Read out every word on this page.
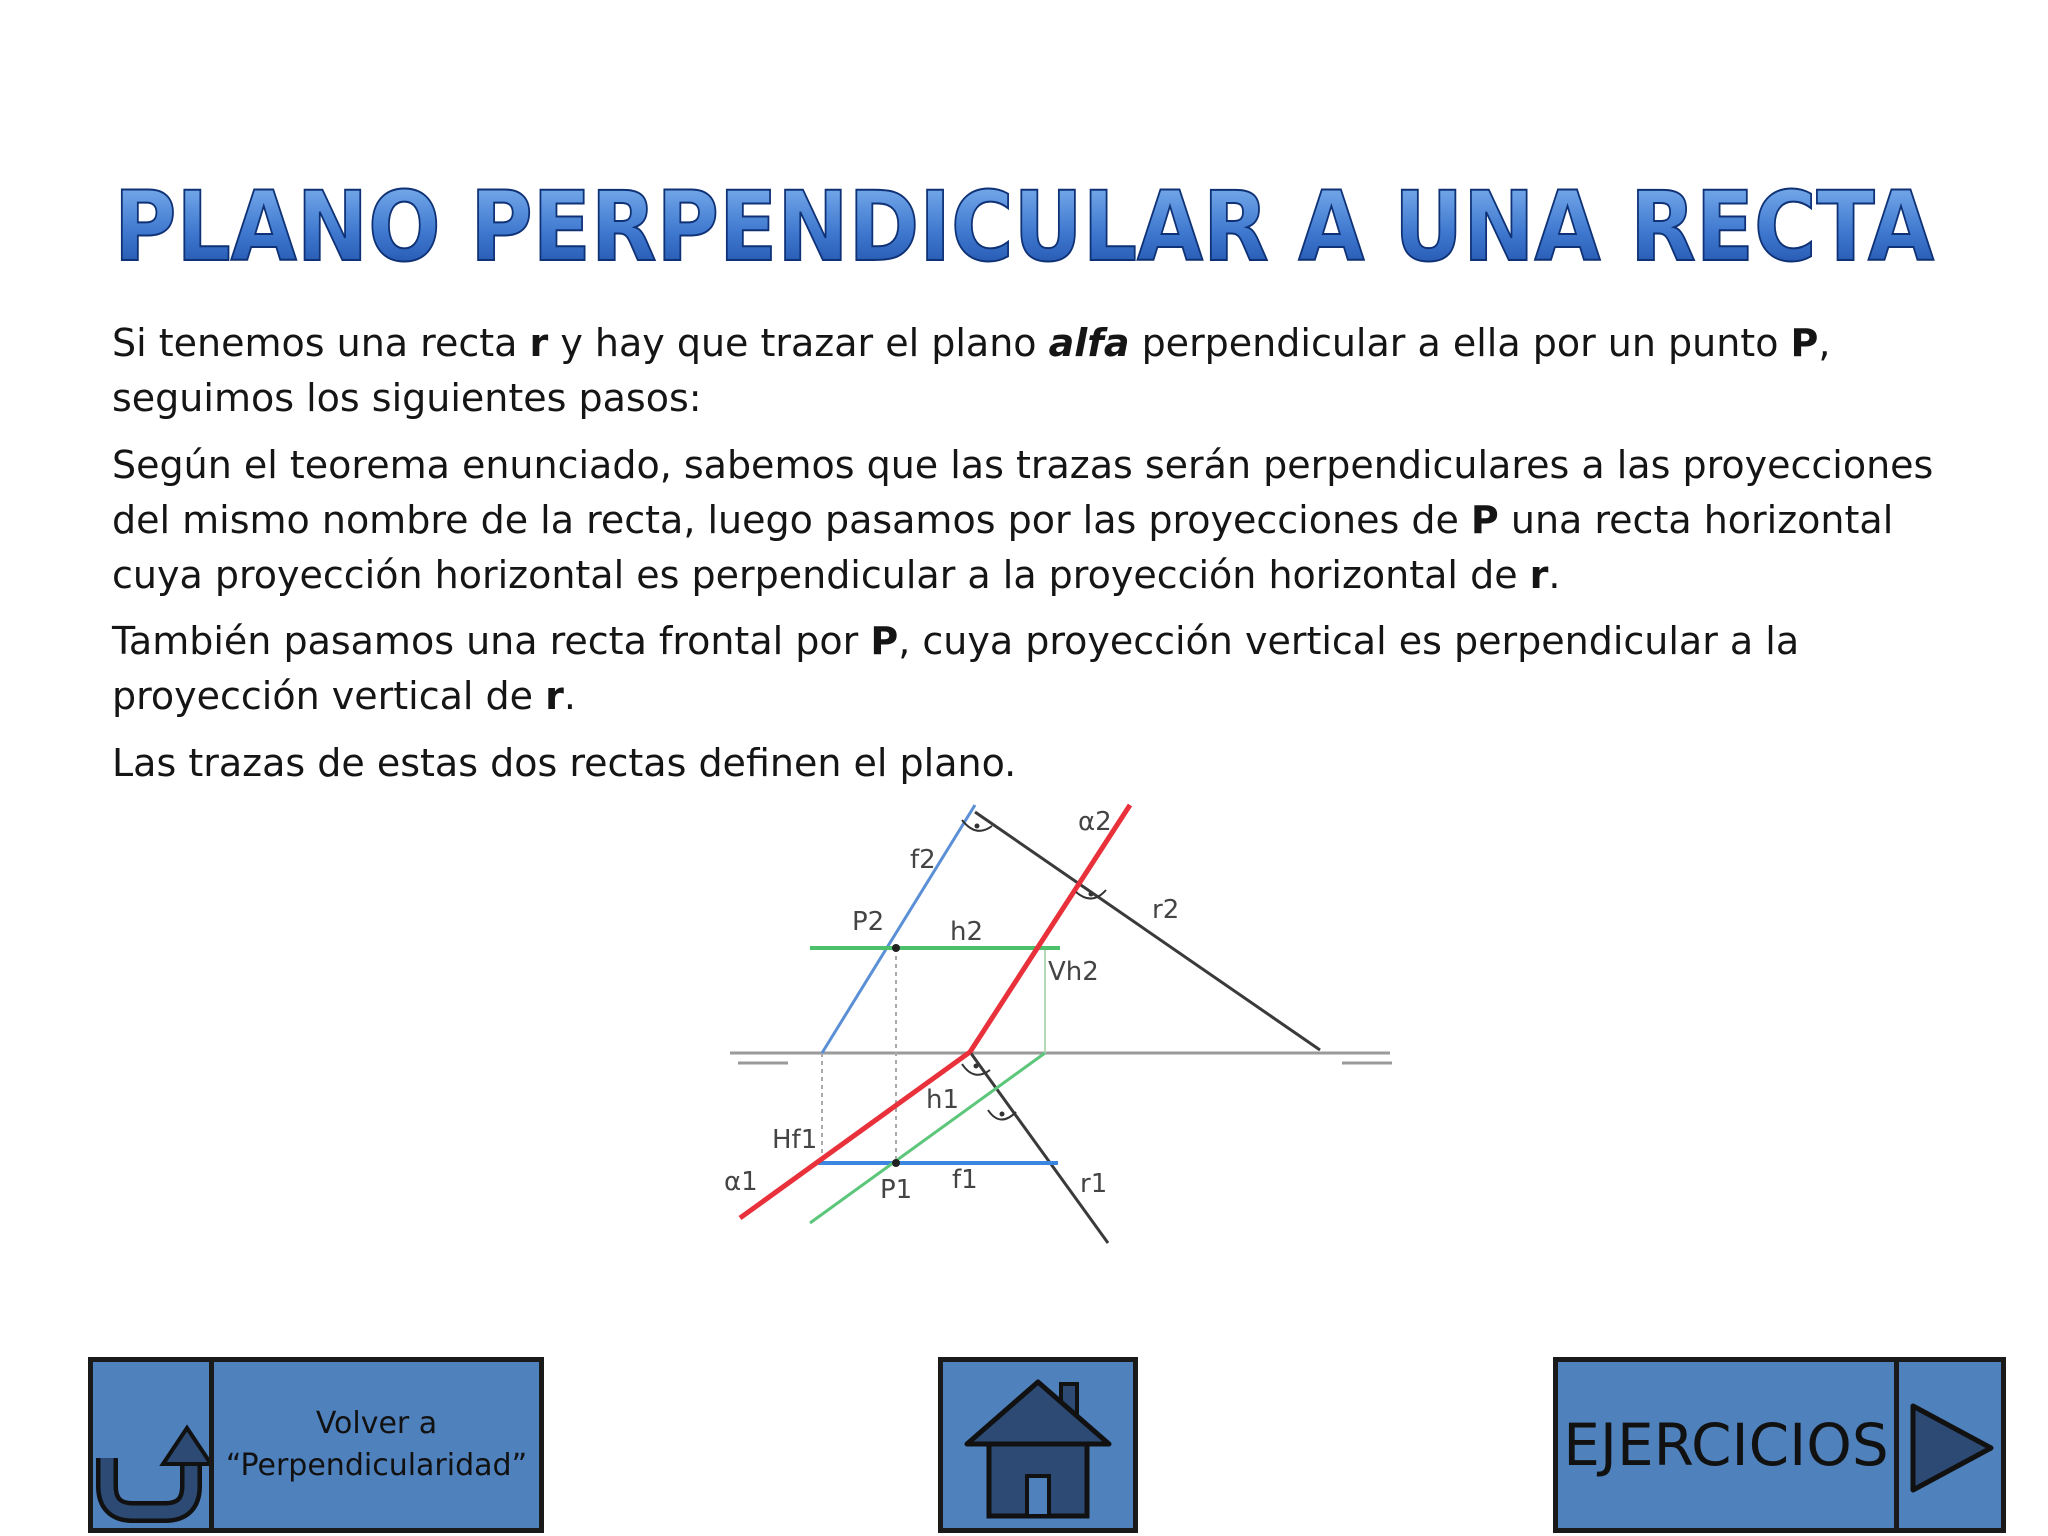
PLANO PERPENDICULAR A UNA RECTA

Si tenemos una recta r y hay que trazar el plano alfa perpendicular a ella por un punto P,
seguimos los siguientes pasos:

Según el teorema enunciado, sabemos que las trazas serán perpendiculares a las proyecciones
del mismo nombre de la recta, luego pasamos por las proyecciones de P una recta horizontal
cuya proyección horizontal es perpendicular a la proyección horizontal de r.

También pasamos una recta frontal por P, cuya proyección vertical es perpendicular a la
proyección vertical de r.

Las trazas de estas dos rectas definen el plano.

α2
f2
r2
P2	h2
Vh2
h1
Hf1
α1	P1 f1	r1
Volver a
“Perpendicularidad”	EJERCICIOS
